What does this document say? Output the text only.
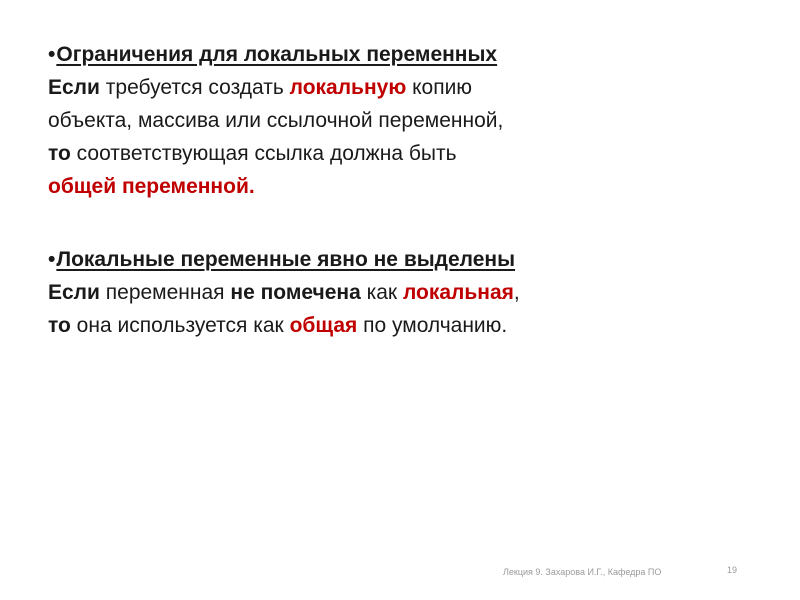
•Ограничения для локальных переменных
Если требуется создать локальную копию
объекта, массива или ссылочной переменной,
то соответствующая ссылка должна быть
общей переменной.
•Локальные переменные явно не выделены
Если переменная не помечена как локальная,
то она используется как общая по умолчанию.
Лекция 9. Захарова И.Г., Кафедра ПО	19
